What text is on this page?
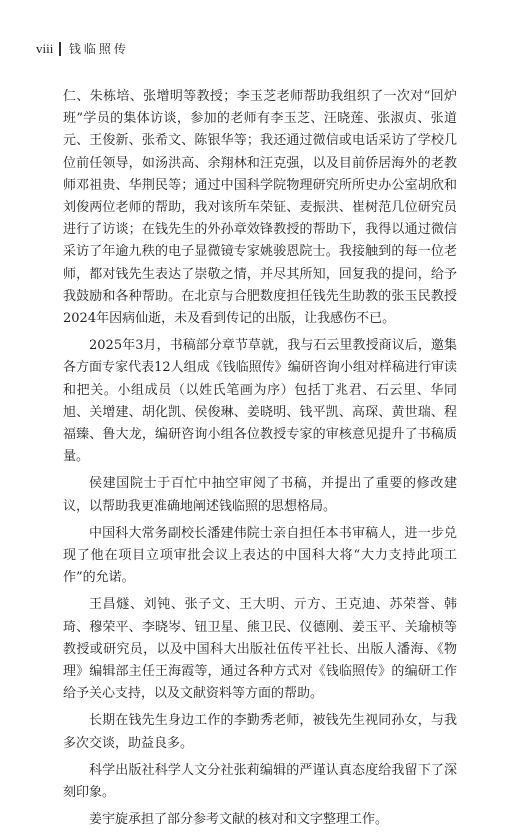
viii 钱临照传

仁、朱栋培、张增明等教授；李玉芝老师帮助我组织了一次对“回炉班”学员的集体访谈，参加的老师有李玉芝、汪晓莲、张淑贞、张道元、王俊新、张希文、陈银华等；我还通过微信或电话采访了学校几位前任领导，如汤洪高、余翔林和汪克强，以及目前侨居海外的老教师邓祖贵、华荆民等；通过中国科学院物理研究所所史办公室胡欣和刘俊两位老师的帮助，我对该所车荣钲、麦振洪、崔树范几位研究员进行了访谈；在钱先生的外孙章效锋教授的帮助下，我得以通过微信采访了年逾九秩的电子显微镜专家姚骏恩院士。我接触到的每一位老师，都对钱先生表达了崇敬之情，并尽其所知，回复我的提问，给予我鼓励和各种帮助。在北京与合肥数度担任钱先生助教的张玉民教授2024年因病仙逝，未及看到传记的出版，让我感伤不已。

2025年3月，书稿部分章节草就，我与石云里教授商议后，邀集各方面专家代表12人组成《钱临照传》编研咨询小组对样稿进行审读和把关。小组成员（以姓氏笔画为序）包括丁兆君、石云里、华同旭、关增建、胡化凯、侯俊琳、姜晓明、钱平凯、高琛、黄世瑞、程福臻、鲁大龙，编研咨询小组各位教授专家的审核意见提升了书稿质量。

侯建国院士于百忙中抽空审阅了书稿，并提出了重要的修改建议，以帮助我更准确地阐述钱临照的思想格局。

中国科大常务副校长潘建伟院士亲自担任本书审稿人，进一步兑现了他在项目立项审批会议上表达的中国科大将“大力支持此项工作”的允诺。

王昌燧、刘钝、张子文、王大明、亓方、王克迪、苏荣誉、韩琦、穆荣平、李晓岑、钮卫星、熊卫民、仪德刚、姜玉平、关瑜桢等教授或研究员，以及中国科大出版社伍传平社长、出版人潘海、《物理》编辑部主任王海霞等，通过各种方式对《钱临照传》的编研工作给予关心支持，以及文献资料等方面的帮助。

长期在钱先生身边工作的李勤秀老师，被钱先生视同孙女，与我多次交谈，助益良多。

科学出版社科学人文分社张莉编辑的严谨认真态度给我留下了深刻印象。

姜宇旋承担了部分参考文献的核对和文字整理工作。
